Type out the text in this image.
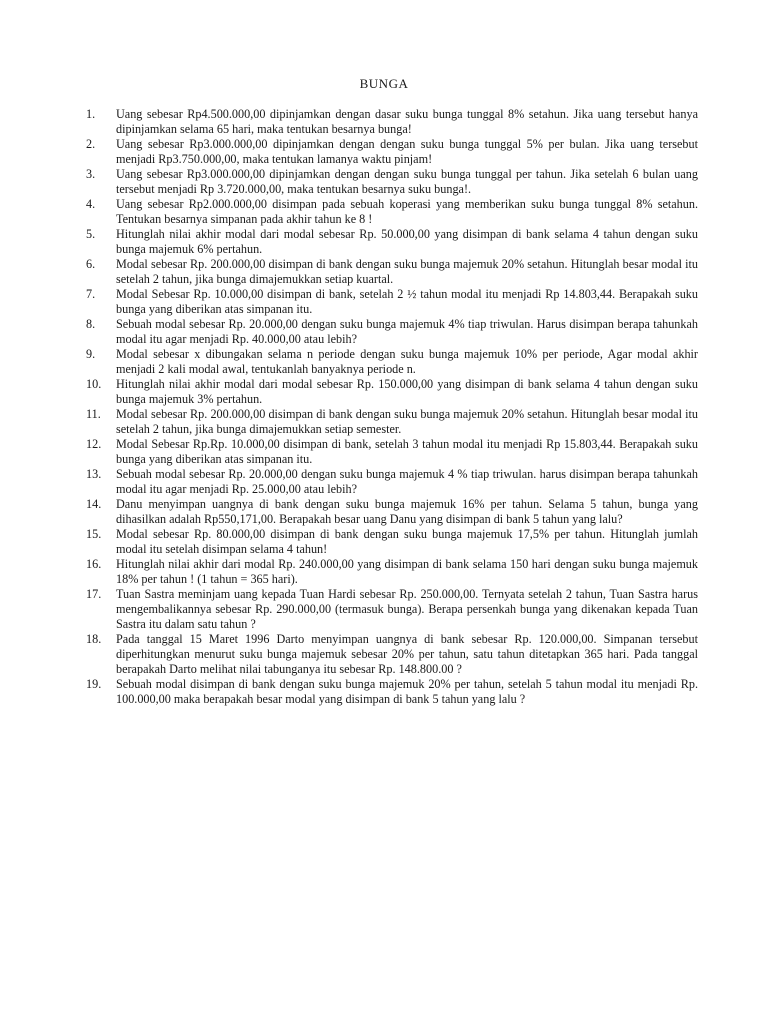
BUNGA
1.	Uang sebesar Rp4.500.000,00 dipinjamkan dengan dasar suku bunga tunggal 8% setahun. Jika uang tersebut hanya dipinjamkan selama 65 hari, maka tentukan besarnya bunga!
2.	Uang sebesar Rp3.000.000,00 dipinjamkan dengan dengan suku bunga tunggal 5% per bulan. Jika uang tersebut menjadi Rp3.750.000,00, maka tentukan lamanya waktu pinjam!
3.	Uang sebesar Rp3.000.000,00 dipinjamkan dengan dengan suku bunga tunggal per tahun. Jika setelah 6 bulan uang tersebut menjadi Rp 3.720.000,00, maka tentukan besarnya suku bunga!.
4.	Uang sebesar Rp2.000.000,00 disimpan pada sebuah koperasi yang memberikan suku bunga tunggal 8% setahun. Tentukan besarnya simpanan pada akhir tahun ke 8 !
5.	Hitunglah nilai akhir modal dari modal sebesar Rp. 50.000,00 yang disimpan di bank selama 4 tahun dengan suku bunga majemuk 6% pertahun.
6.	Modal sebesar Rp. 200.000,00 disimpan di bank dengan suku bunga majemuk 20% setahun. Hitunglah besar modal itu setelah 2 tahun, jika bunga dimajemukkan setiap kuartal.
7.	Modal Sebesar Rp. 10.000,00 disimpan di bank, setelah 2 ½ tahun modal itu menjadi Rp 14.803,44. Berapakah suku bunga yang diberikan atas simpanan itu.
8.	Sebuah modal sebesar Rp. 20.000,00 dengan suku bunga majemuk 4% tiap triwulan. Harus disimpan berapa tahunkah modal itu agar menjadi Rp. 40.000,00 atau lebih?
9.	Modal sebesar x dibungakan selama n periode dengan suku bunga majemuk 10% per periode, Agar modal akhir menjadi 2 kali modal awal, tentukanlah banyaknya periode n.
10.	Hitunglah nilai akhir modal dari modal sebesar Rp. 150.000,00 yang disimpan di bank selama 4 tahun dengan suku bunga majemuk 3% pertahun.
11.	Modal sebesar Rp. 200.000,00 disimpan di bank dengan suku bunga majemuk 20% setahun. Hitunglah besar modal itu setelah 2 tahun, jika bunga dimajemukkan setiap semester.
12.	Modal Sebesar Rp.Rp. 10.000,00 disimpan di bank, setelah 3 tahun modal itu menjadi Rp 15.803,44. Berapakah suku bunga yang diberikan atas simpanan itu.
13.	Sebuah modal sebesar Rp. 20.000,00 dengan suku bunga majemuk 4 % tiap triwulan. harus disimpan berapa tahunkah modal itu agar menjadi Rp. 25.000,00 atau lebih?
14.	Danu menyimpan uangnya di bank dengan suku bunga majemuk 16% per tahun. Selama 5 tahun, bunga yang dihasilkan adalah Rp550,171,00. Berapakah besar uang Danu yang disimpan di bank 5 tahun yang lalu?
15.	Modal sebesar Rp. 80.000,00 disimpan di bank dengan suku bunga majemuk 17,5% per tahun. Hitunglah jumlah modal itu setelah disimpan selama 4 tahun!
16.	Hitunglah nilai akhir dari modal Rp. 240.000,00 yang disimpan di bank selama 150 hari dengan suku bunga majemuk 18% per tahun ! (1 tahun = 365 hari).
17.	Tuan Sastra meminjam uang kepada Tuan Hardi sebesar Rp. 250.000,00. Ternyata setelah 2 tahun, Tuan Sastra harus mengembalikannya sebesar Rp. 290.000,00 (termasuk bunga). Berapa persenkah bunga yang dikenakan kepada Tuan Sastra itu dalam satu tahun ?
18.	Pada tanggal 15 Maret 1996 Darto menyimpan uangnya di bank sebesar Rp. 120.000,00. Simpanan tersebut diperhitungkan menurut suku bunga majemuk sebesar 20% per tahun, satu tahun ditetapkan 365 hari. Pada tanggal berapakah Darto melihat nilai tabunganya itu sebesar Rp. 148.800.00 ?
19.	Sebuah modal disimpan di bank dengan suku bunga majemuk 20% per tahun, setelah 5 tahun modal itu menjadi Rp. 100.000,00 maka berapakah besar modal yang disimpan di bank 5 tahun yang lalu ?
